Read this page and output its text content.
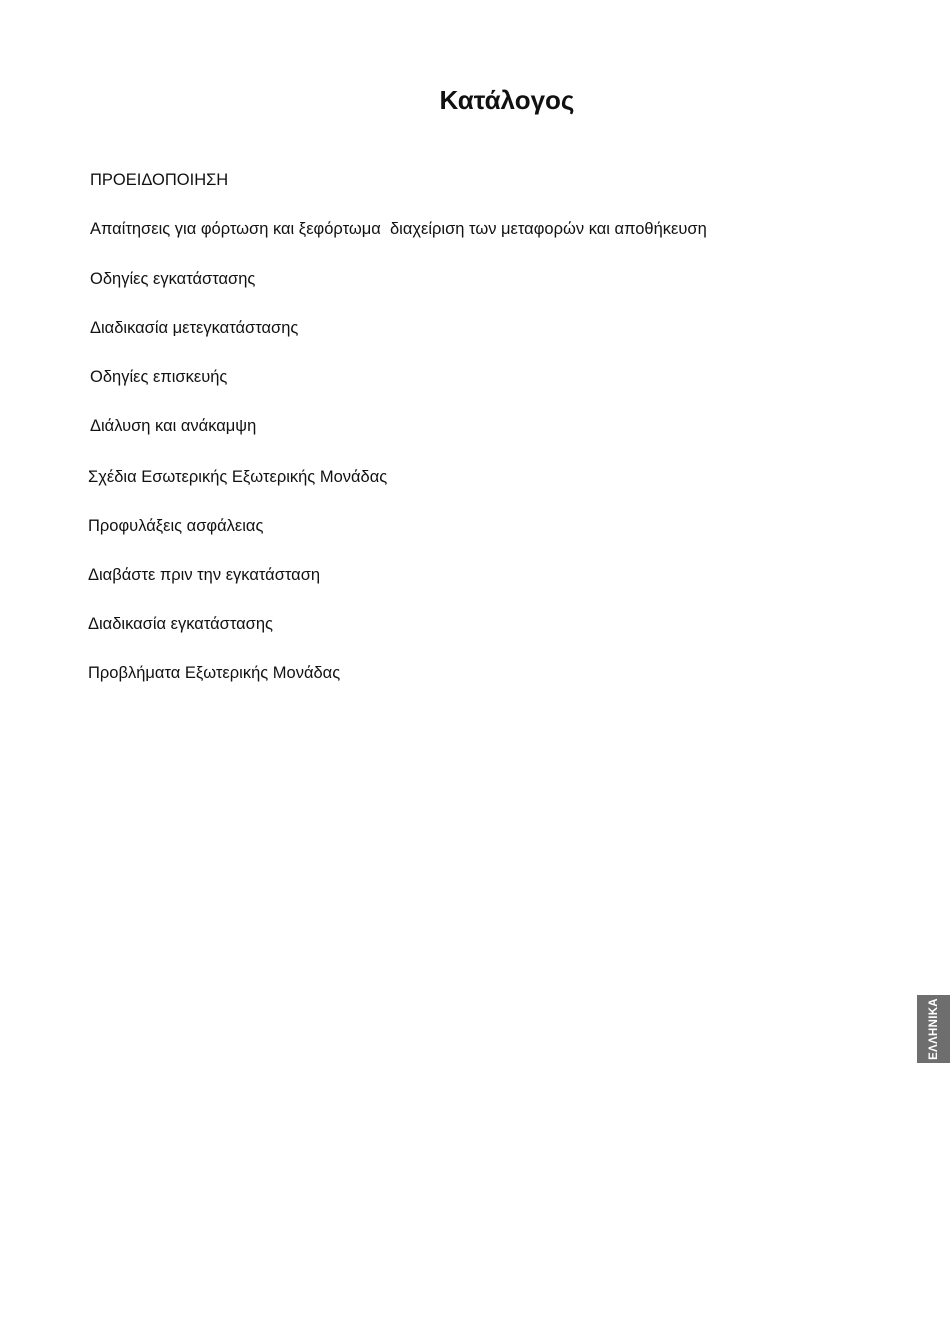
Κατάλογος
ΠΡΟΕΙΔΟΠΟΙΗΣΗ
Απαίτησεις για φόρτωση και ξεφόρτωμα  διαχείριση των μεταφορών και αποθήκευση
Οδηγίες εγκατάστασης
Διαδικασία μετεγκατάστασης
Οδηγίες επισκευής
Διάλυση και ανάκαμψη
Σχέδια Εσωτερικής Εξωτερικής Μονάδας
Προφυλάξεις ασφάλειας
Διαβάστε πριν την εγκατάσταση
Διαδικασία εγκατάστασης
Προβλήματα Εξωτερικής Μονάδας
ΕΛΛΗΝΙΚΑ
